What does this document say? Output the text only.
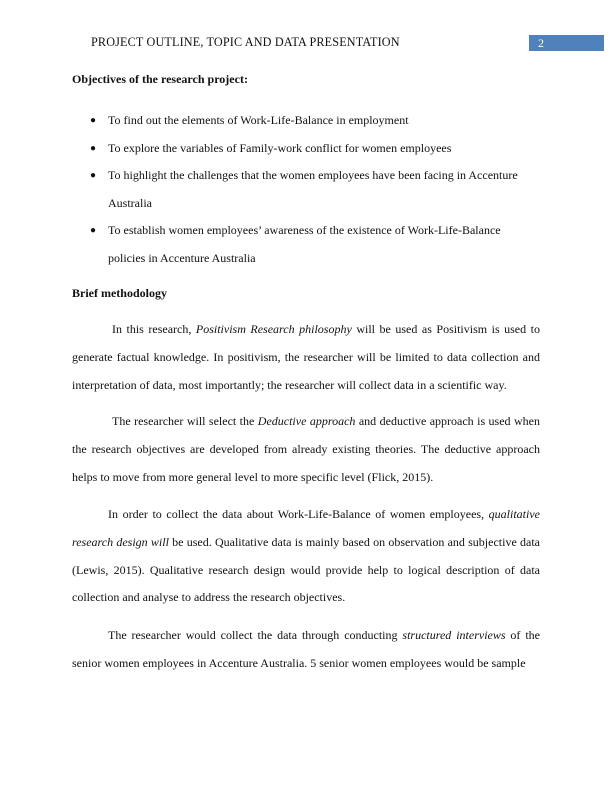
PROJECT OUTLINE, TOPIC AND DATA PRESENTATION	2
Objectives of the research project:
● To find out the elements of Work-Life-Balance in employment
● To explore the variables of Family-work conflict for women employees
● To highlight the challenges that the women employees have been facing in Accenture Australia
● To establish women employees’ awareness of the existence of Work-Life-Balance policies in Accenture Australia
Brief methodology

In this research, Positivism Research philosophy will be used as Positivism is used to generate factual knowledge. In positivism, the researcher will be limited to data collection and interpretation of data, most importantly; the researcher will collect data in a scientific way.

The researcher will select the Deductive approach and deductive approach is used when the research objectives are developed from already existing theories. The deductive approach helps to move from more general level to more specific level (Flick, 2015).

In order to collect the data about Work-Life-Balance of women employees, qualitative research design will be used. Qualitative data is mainly based on observation and subjective data (Lewis, 2015). Qualitative research design would provide help to logical description of data collection and analyse to address the research objectives.

The researcher would collect the data through conducting structured interviews of the senior women employees in Accenture Australia. 5 senior women employees would be sample
